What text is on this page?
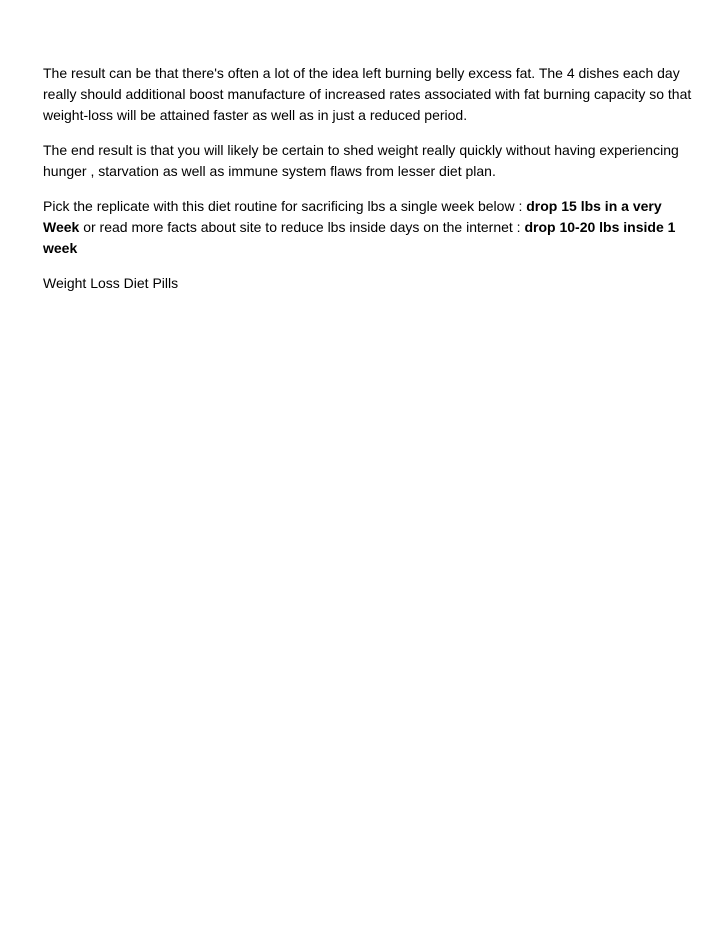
The result can be that there's often a lot of the idea left burning belly excess fat. The 4 dishes each day really should additional boost manufacture of increased rates associated with fat burning capacity so that weight-loss will be attained faster as well as in just a reduced period.

The end result is that you will likely be certain to shed weight really quickly without having experiencing hunger , starvation as well as immune system flaws from lesser diet plan.

Pick the replicate with this diet routine for sacrificing lbs a single week below : drop 15 lbs in a very Week or read more facts about site to reduce lbs inside days on the internet : drop 10-20 lbs inside 1 week

Weight Loss Diet Pills
